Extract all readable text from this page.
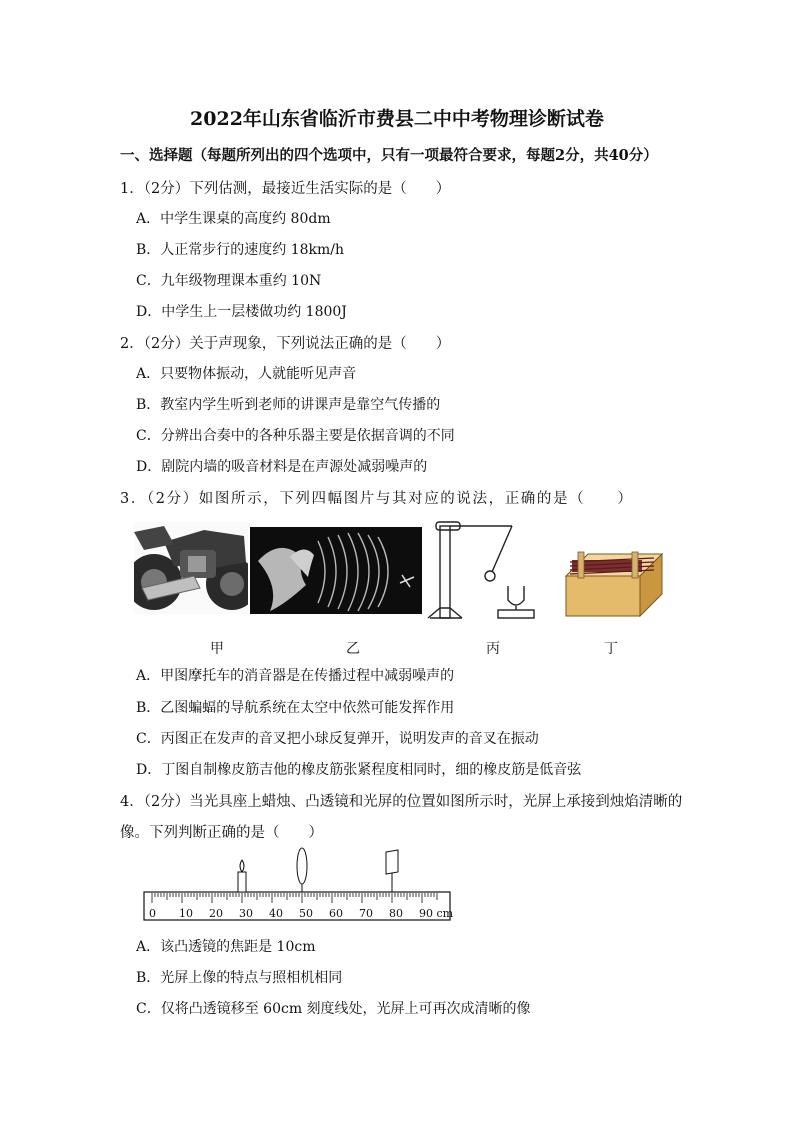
2022年山东省临沂市费县二中中考物理诊断试卷
一、选择题（每题所列出的四个选项中，只有一项最符合要求，每题2分，共40分）
1．（2分）下列估测，最接近生活实际的是（　　）
A．中学生课桌的高度约 80dm
B．人正常步行的速度约 18km/h
C．九年级物理课本重约 10N
D．中学生上一层楼做功约 1800J
2．（2分）关于声现象，下列说法正确的是（　　）
A．只要物体振动，人就能听见声音
B．教室内学生听到老师的讲课声是靠空气传播的
C．分辨出合奏中的各种乐器主要是依据音调的不同
D．剧院内墙的吸音材料是在声源处减弱噪声的
3．（2分）如图所示，下列四幅图片与其对应的说法，正确的是（　　）
甲	乙	丙	丁
A．甲图摩托车的消音器是在传播过程中减弱噪声的
B．乙图蝙蝠的导航系统在太空中依然可能发挥作用
C．丙图正在发声的音叉把小球反复弹开，说明发声的音叉在振动
D．丁图自制橡皮筋吉他的橡皮筋张紧程度相同时，细的橡皮筋是低音弦
4．（2分）当光具座上蜡烛、凸透镜和光屏的位置如图所示时，光屏上承接到烛焰清晰的
像。下列判断正确的是（　　）
0 10 20 30 40 50 60 70 80 90 cm
A．该凸透镜的焦距是 10cm
B．光屏上像的特点与照相机相同
C．仅将凸透镜移至 60cm 刻度线处，光屏上可再次成清晰的像
